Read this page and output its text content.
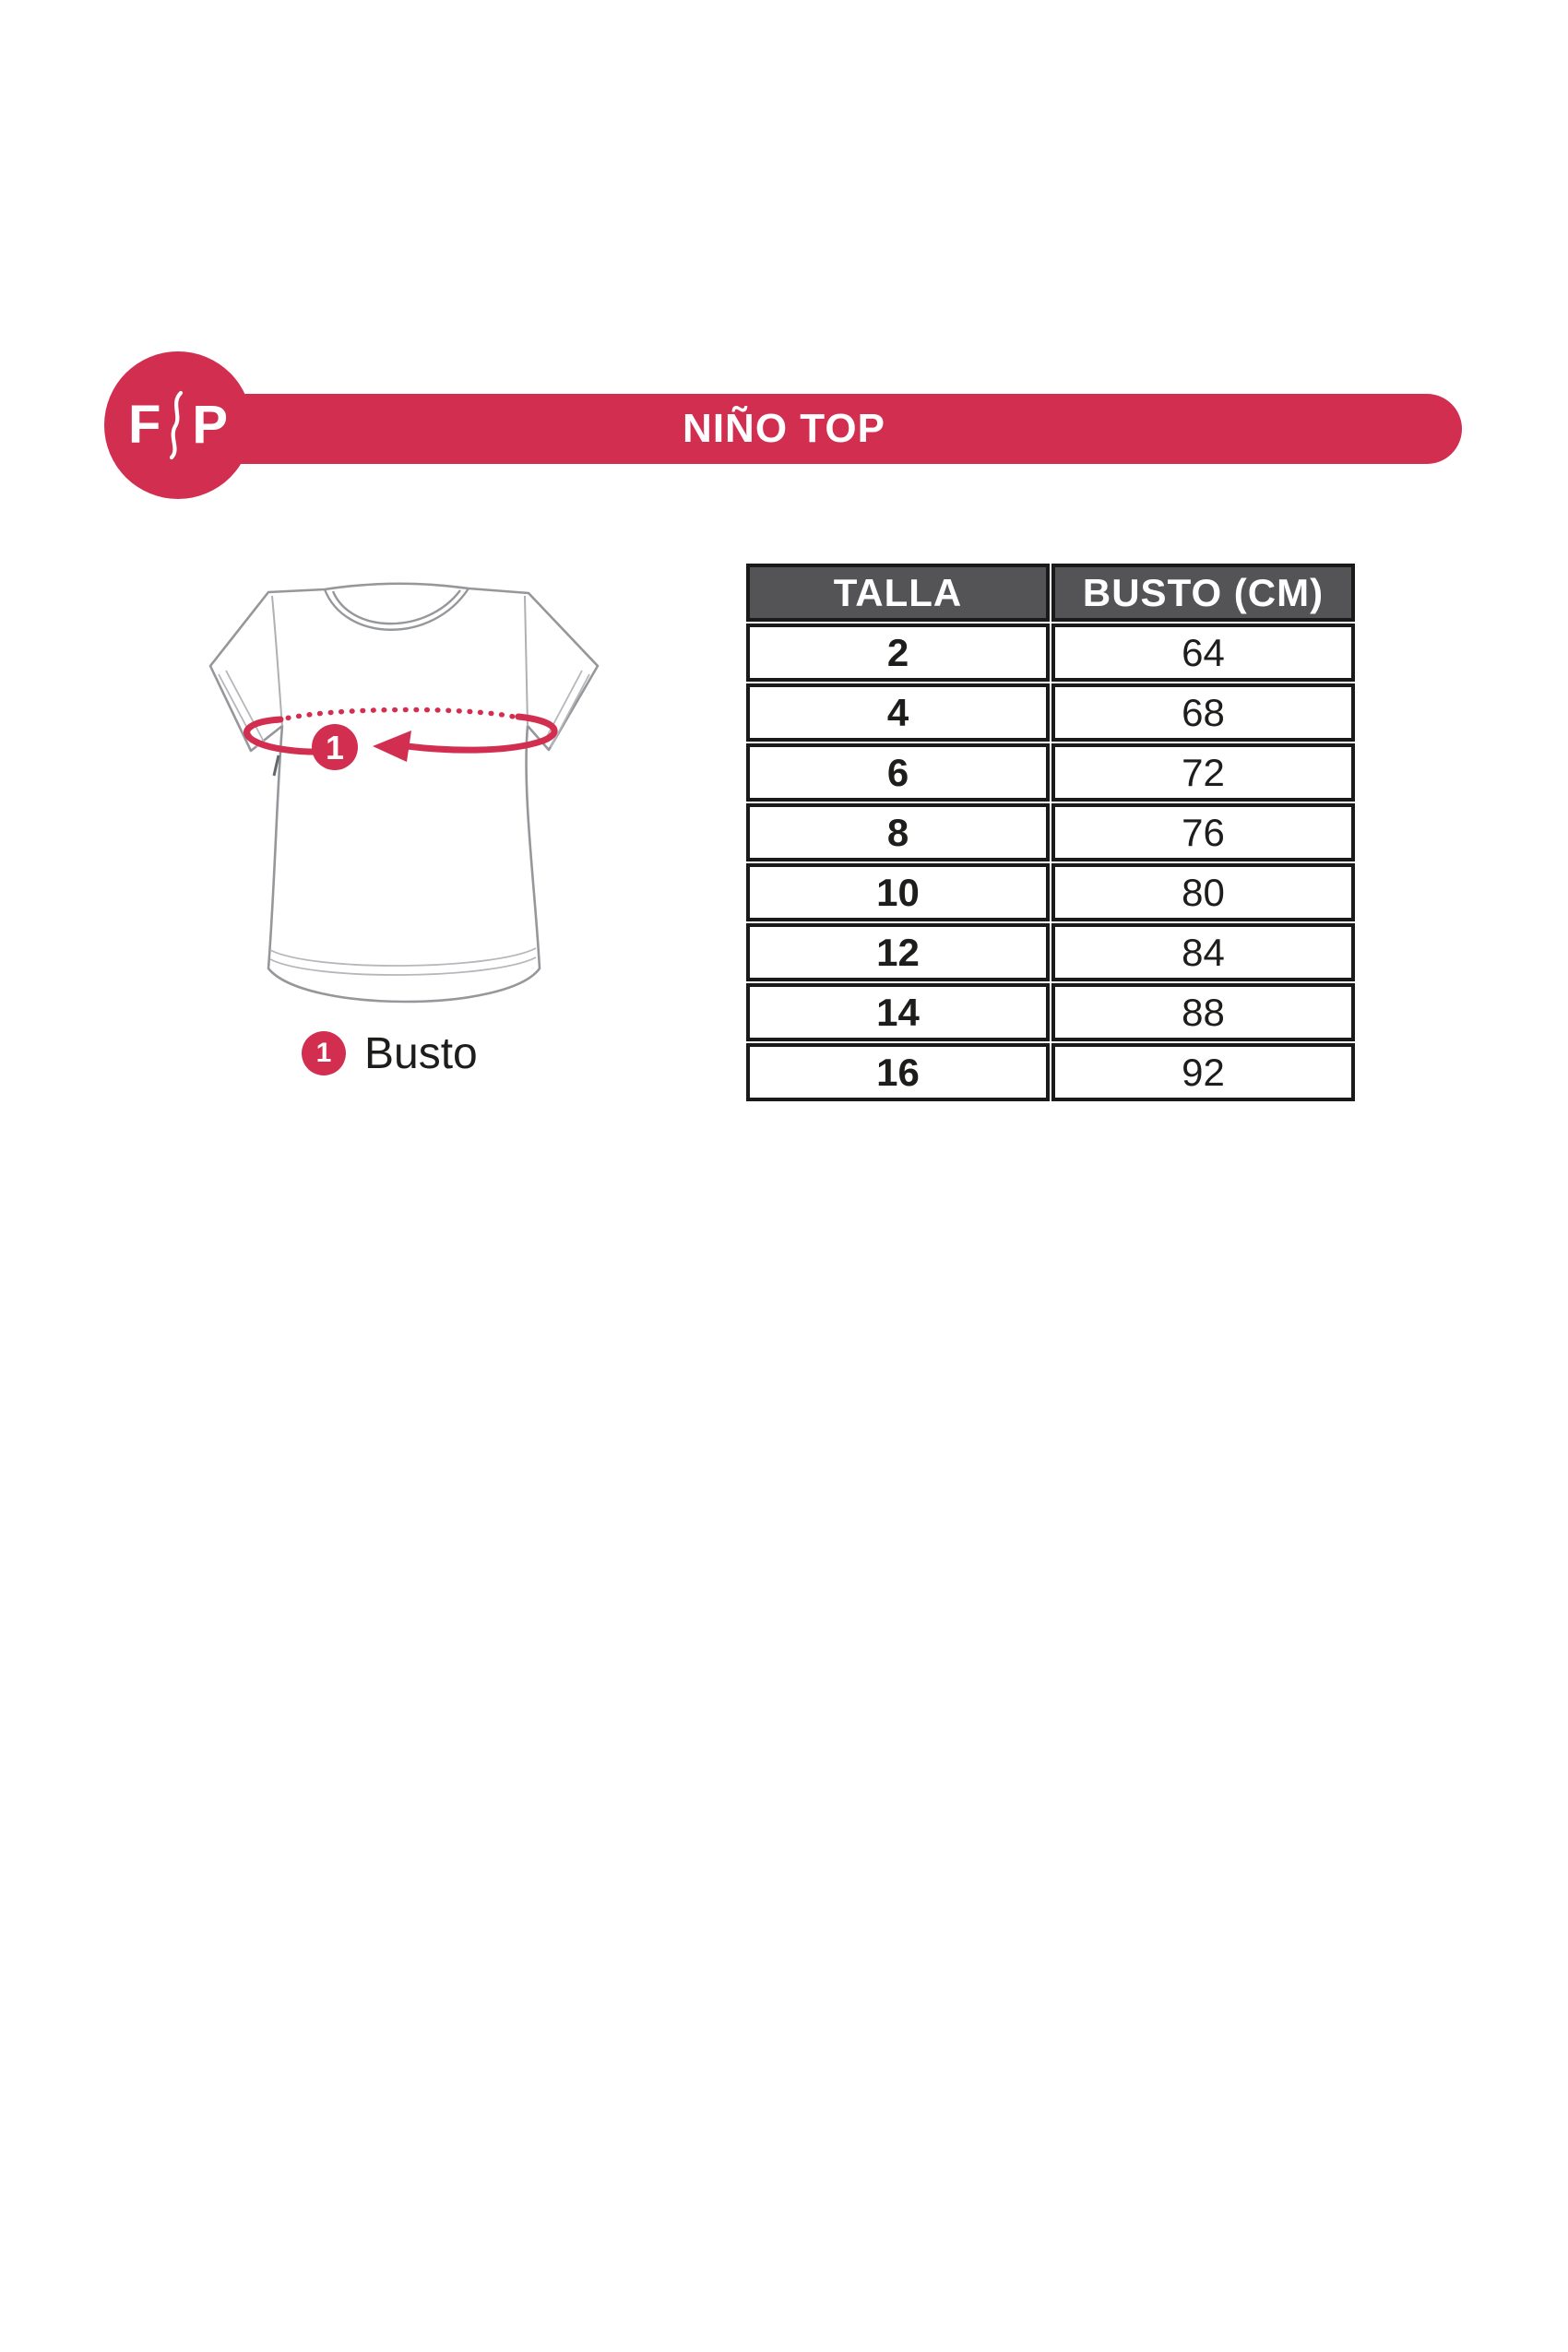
NIÑO TOP
F P
1
1 Busto
TALLA	BUSTO (CM)
2	64
4	68
6	72
8	76
10	80
12	84
14	88
16	92
